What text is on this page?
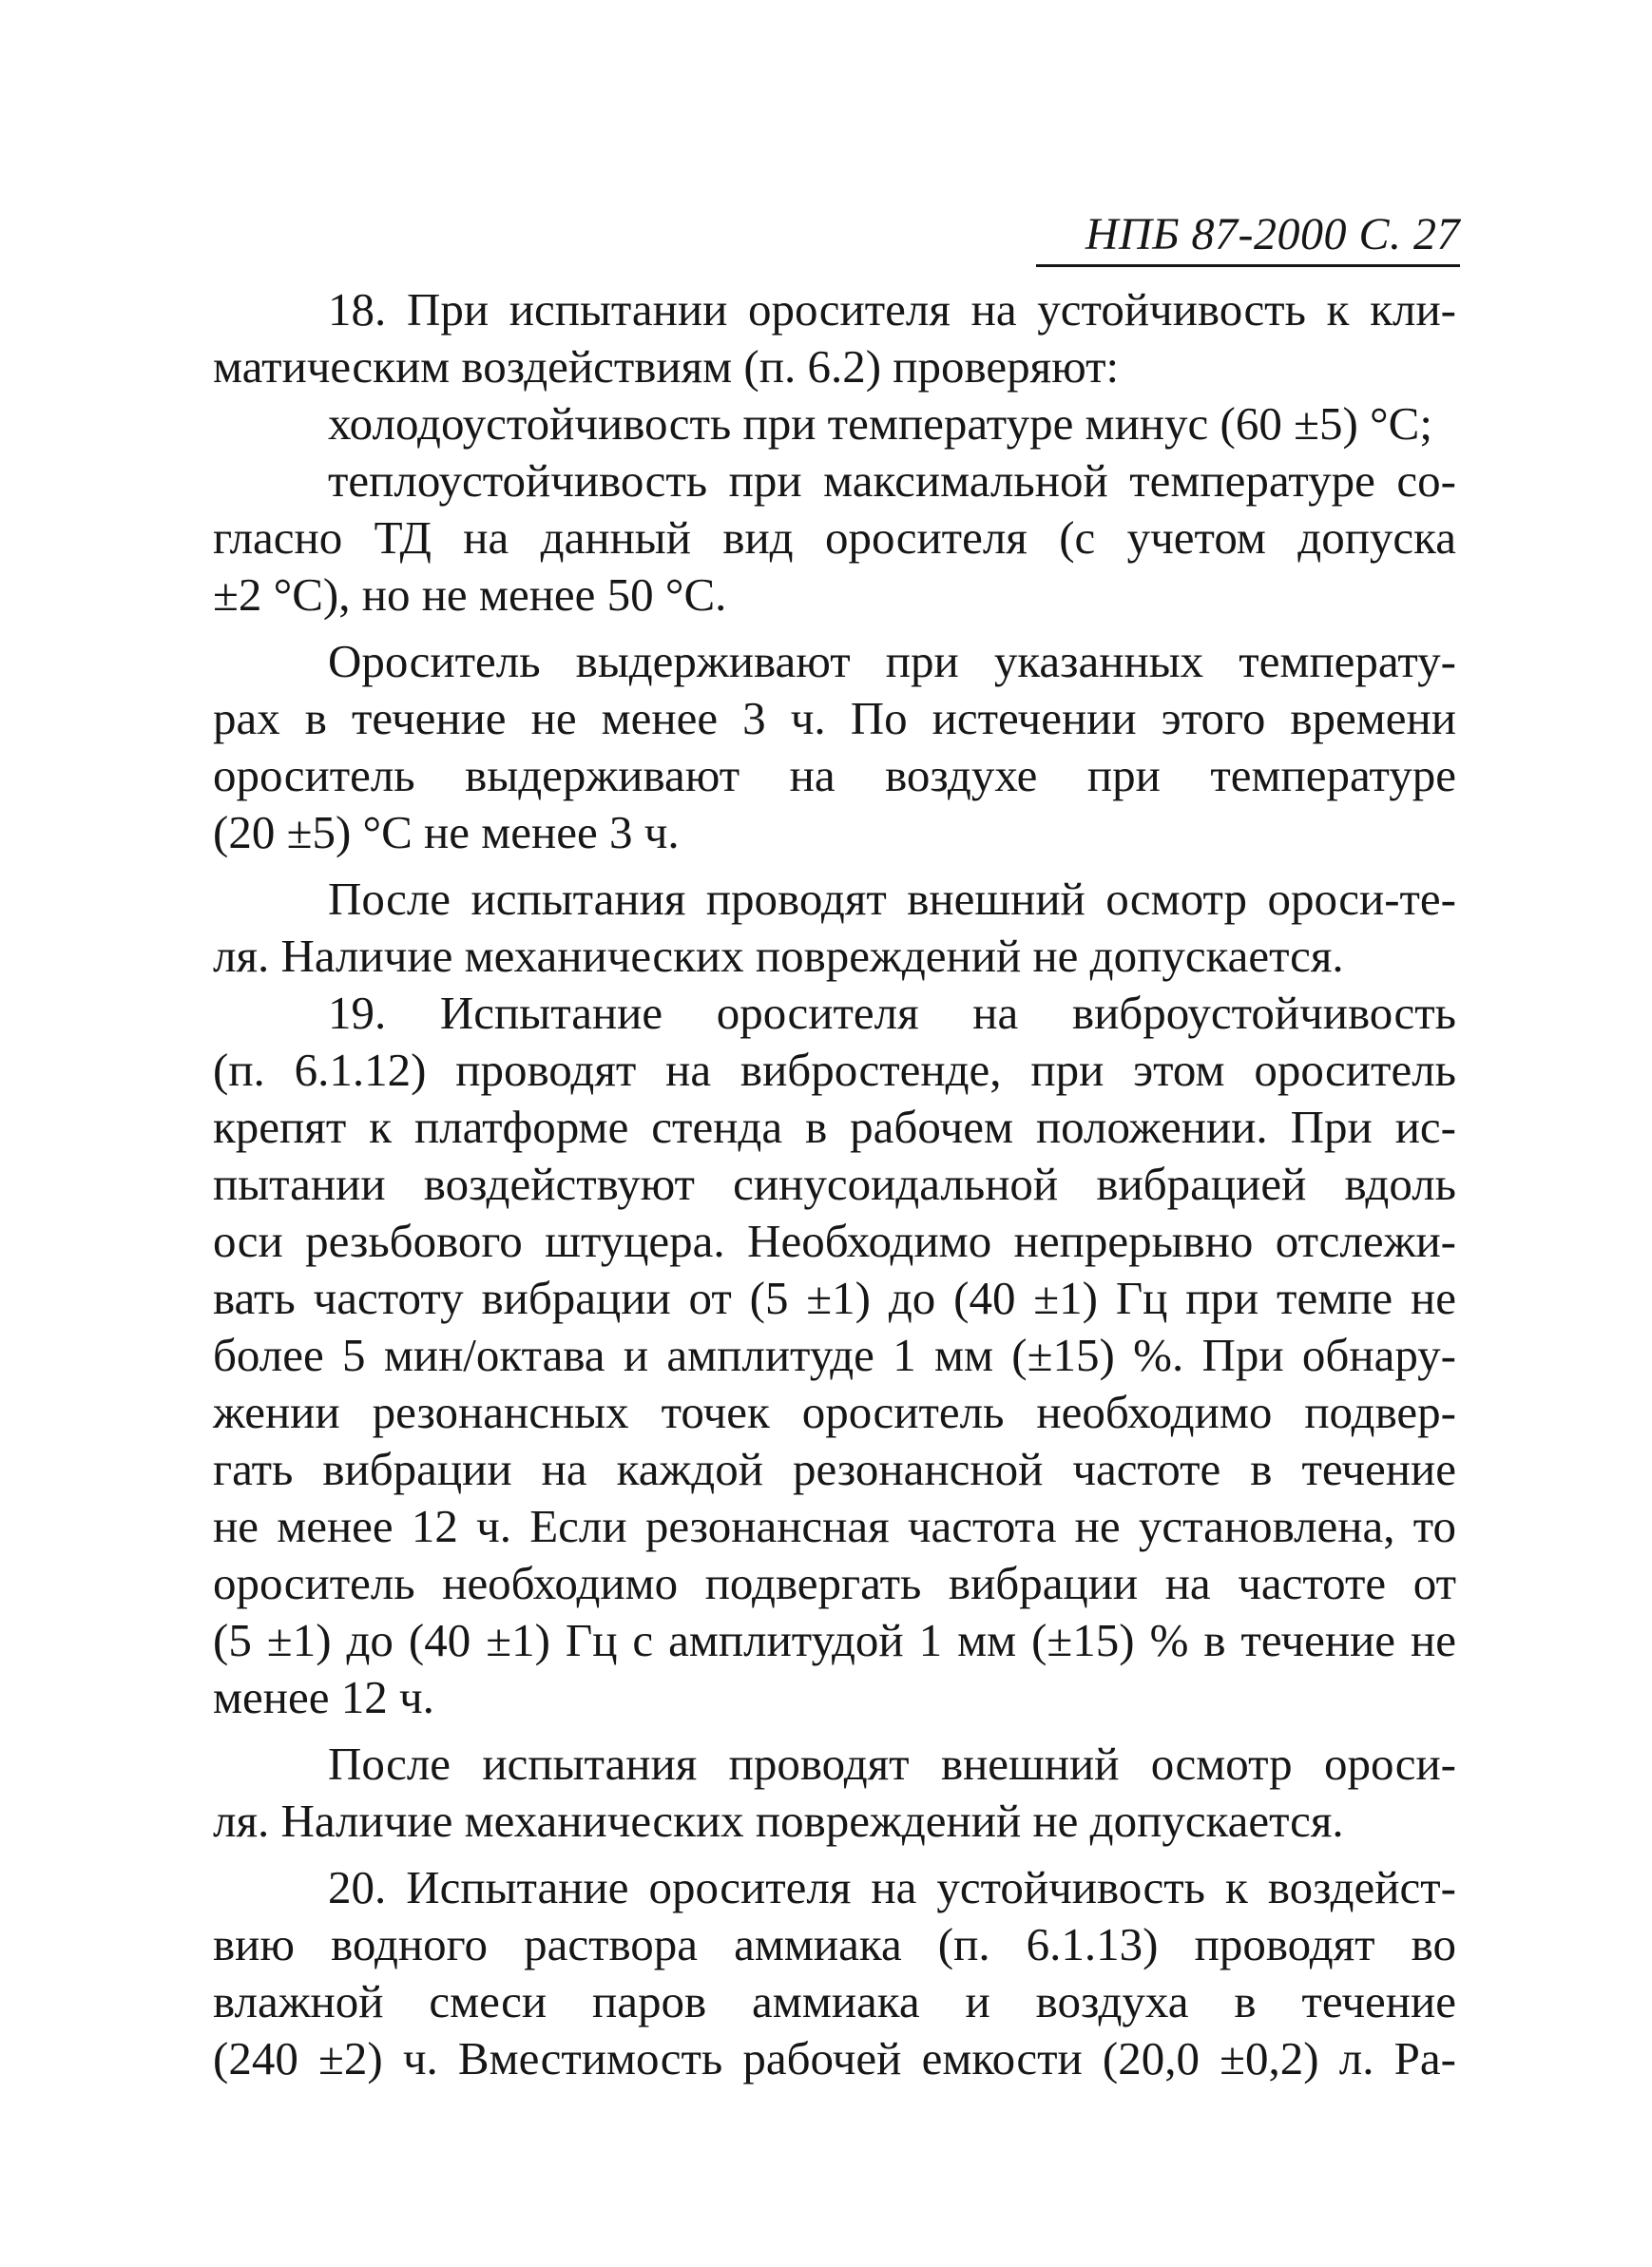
НПБ 87-2000 С. 27
18. При испытании оросителя на устойчивость к кли-
матическим воздействиям (п. 6.2) проверяют:
холодоустойчивость при температуре минус (60 ±5) °С;
теплоустойчивость при максимальной температуре со-
гласно ТД на данный вид оросителя (с учетом допуска
±2 °С), но не менее 50 °С.
Ороситель выдерживают при указанных температу-
рах в течение не менее 3 ч. По истечении этого времени
ороситель выдерживают на воздухе при температуре
(20 ±5) °С не менее 3 ч.
После испытания проводят внешний осмотр ороси-те-
ля. Наличие механических повреждений не допускается.
19. Испытание оросителя на виброустойчивость
(п. 6.1.12) проводят на вибростенде, при этом ороситель
крепят к платформе стенда в рабочем положении. При ис-
пытании воздействуют синусоидальной вибрацией вдоль
оси резьбового штуцера. Необходимо непрерывно отслежи-
вать частоту вибрации от (5 ±1) до (40 ±1) Гц при темпе не
более 5 мин/октава и амплитуде 1 мм (±15) %. При обнару-
жении резонансных точек ороситель необходимо подвер-
гать вибрации на каждой резонансной частоте в течение
не менее 12 ч. Если резонансная частота не установлена, то
ороситель необходимо подвергать вибрации на частоте от
(5 ±1) до (40 ±1) Гц с амплитудой 1 мм (±15) % в течение не
менее 12 ч.
После испытания проводят внешний осмотр ороси-
ля. Наличие механических повреждений не допускается.
20. Испытание оросителя на устойчивость к воздейст-
вию водного раствора аммиака (п. 6.1.13) проводят во
влажной смеси паров аммиака и воздуха в течение
(240 ±2) ч. Вместимость рабочей емкости (20,0 ±0,2) л. Ра-
